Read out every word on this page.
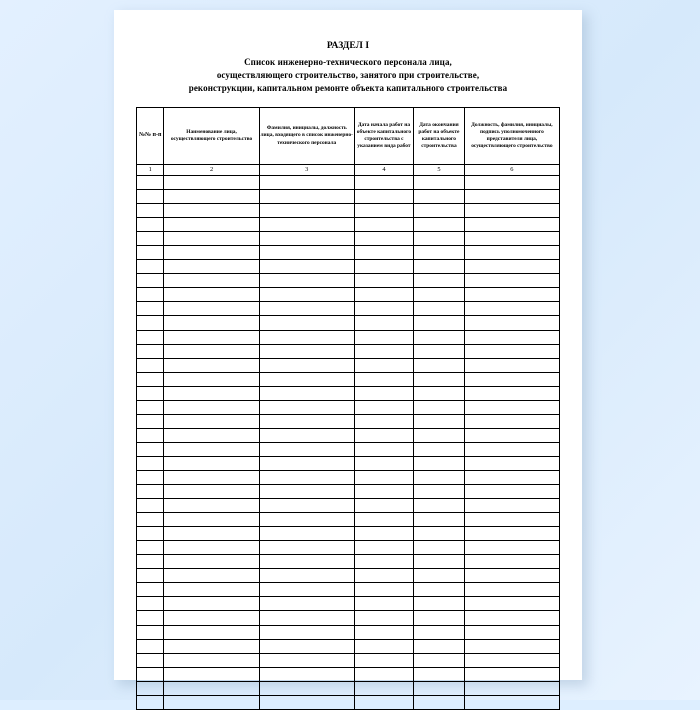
РАЗДЕЛ I
Список инженерно-технического персонала лица,
осуществляющего строительство, занятого при строительстве,
реконструкции, капитальном ремонте объекта капитального строительства
№№ п-п	Наименование лица, осуществляющего строительство	Фамилия, инициалы, должность лица, входящего в список инженерно-технического персонала	Дата начала работ на объекте капитального строительства с указанием вида работ	Дата окончания работ на объекте капитального строительства	Должность, фамилия, инициалы, подпись уполномоченного представителя лица, осуществляющего строительство
1	2	3	4	5	6
